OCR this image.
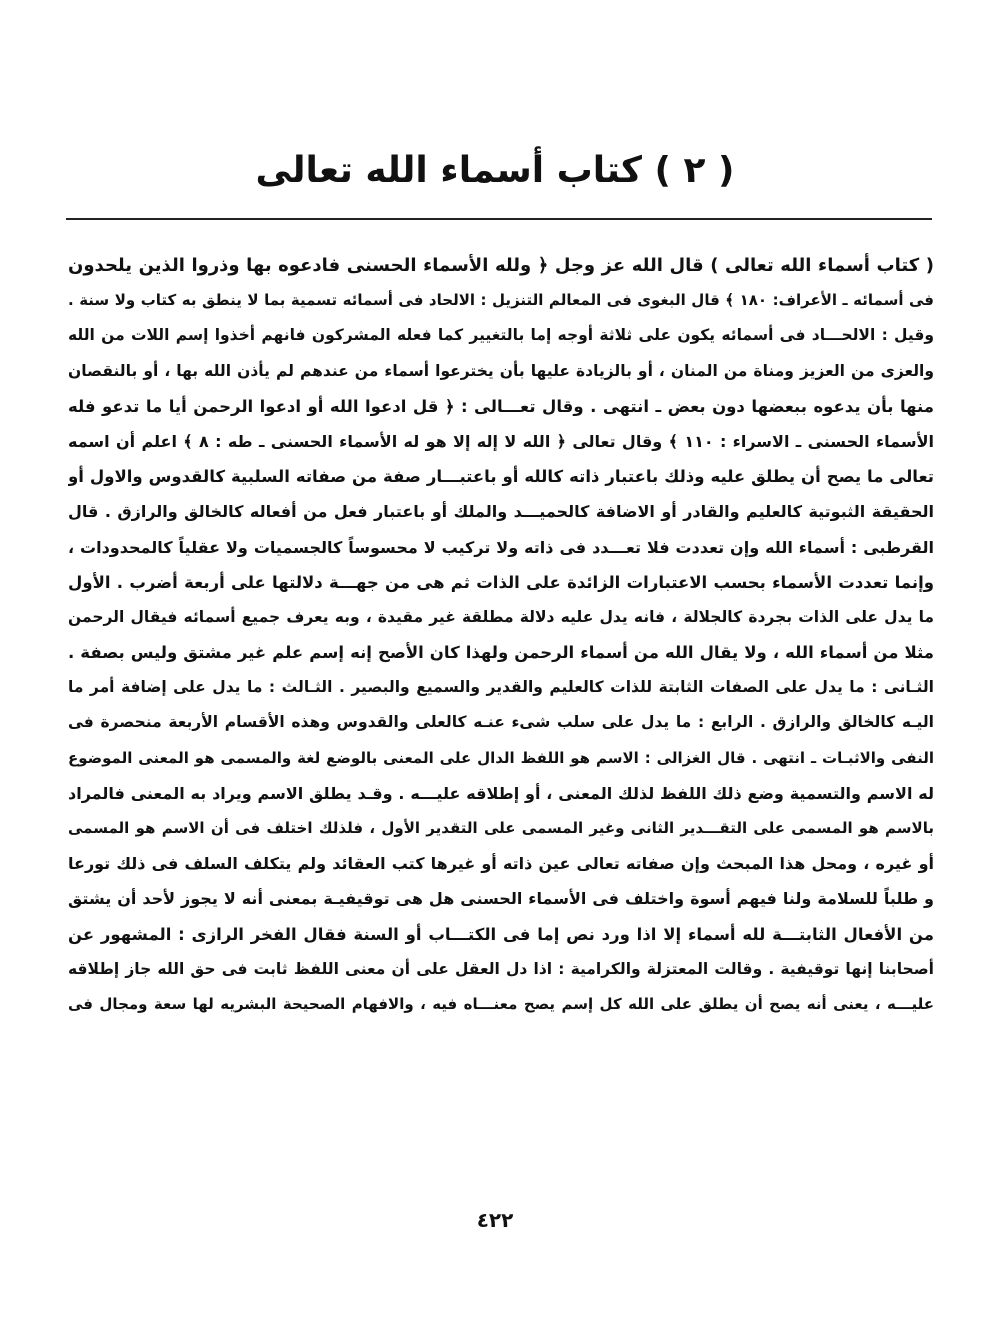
( ٢ ) كتاب أسماء الله تعالى
( كتاب أسماء الله تعالى ) قال الله عز وجل ﴿ ولله الأسماء الحسنى فادعوه بها وذروا الذين يلحدون
فى أسمائه ـ الأعراف: ١٨٠ ﴾ قال البغوى فى المعالم التنزيل : الالحاد فى أسمائه تسمية بما لا ينطق به كتاب ولا سنة .
وقيل : الالحـــاد فى أسمائه يكون على ثلاثة أوجه إما بالتغيير كما فعله المشركون فانهم أخذوا إسم اللات من الله
والعزى من العزيز ومناة من المنان ، أو بالزيادة عليها بأن يخترعوا أسماء من عندهم لم يأذن الله بها ، أو بالنقصان
منها بأن يدعوه ببعضها دون بعض ـ انتهى . وقال تعـــالى : ﴿ قل ادعوا الله أو ادعوا الرحمن أيا ما تدعو فله
الأسماء الحسنى ـ الاسراء : ١١٠ ﴾ وقال تعالى ﴿ الله لا إله إلا هو له الأسماء الحسنى ـ طه : ٨ ﴾ اعلم أن اسمه
تعالى ما يصح أن يطلق عليه وذلك باعتبار ذاته كالله أو باعتبـــار صفة من صفاته السلبية كالقدوس والاول أو
الحقيقة الثبوتية كالعليم والقادر أو الاضافة كالحميـــد والملك أو باعتبار فعل من أفعاله كالخالق والرازق . قال
القرطبى : أسماء الله وإن تعددت فلا تعـــدد فى ذاته ولا تركيب لا محسوساً كالجسميات ولا عقلياً كالمحدودات ،
وإنما تعددت الأسماء بحسب الاعتبارات الزائدة على الذات ثم هى من جهـــة دلالتها على أربعة أضرب . الأول
ما يدل على الذات بجردة كالجلالة ، فانه يدل عليه دلالة مطلقة غير مقيدة ، وبه يعرف جميع أسمائه فيقال الرحمن
مثلا من أسماء الله ، ولا يقال الله من أسماء الرحمن ولهذا كان الأصح إنه إسم علم غير مشتق وليس بصفة .
الثـانى : ما يدل على الصفات الثابتة للذات كالعليم والقدير والسميع والبصير . الثـالث : ما يدل على إضافة أمر ما
اليـه كالخالق والرازق . الرابع : ما يدل على سلب شىء عنـه كالعلى والقدوس وهذه الأقسام الأربعة منحصرة فى
النفى والاثبـات ـ انتهى . قال الغزالى : الاسم هو اللفظ الدال على المعنى بالوضع لغة والمسمى هو المعنى الموضوع
له الاسم والتسمية وضع ذلك اللفظ لذلك المعنى ، أو إطلاقه عليـــه . وقـد يطلق الاسم ويراد به المعنى فالمراد
بالاسم هو المسمى على التقـــدير الثانى وغير المسمى على التقدير الأول ، فلذلك اختلف فى أن الاسم هو المسمى
أو غيره ، ومحل هذا المبحث وإن صفاته تعالى عين ذاته أو غيرها كتب العقائد ولم يتكلف السلف فى ذلك تورعا
و طلباً للسلامة ولنا فيهم أسوة واختلف فى الأسماء الحسنى هل هى توقيفيـة بمعنى أنه لا يجوز لأحد أن يشتق
من الأفعال الثابتـــة لله أسماء إلا اذا ورد نص إما فى الكتـــاب أو السنة فقال الفخر الرازى : المشهور عن
أصحابنا إنها توقيفية . وقالت المعتزلة والكرامية : اذا دل العقل على أن معنى اللفظ ثابت فى حق الله جاز إطلاقه
عليـــه ، يعنى أنه يصح أن يطلق على الله كل إسم يصح معنـــاه فيه ، والافهام الصحيحة البشريه لها سعة ومجال فى
٤٢٢
